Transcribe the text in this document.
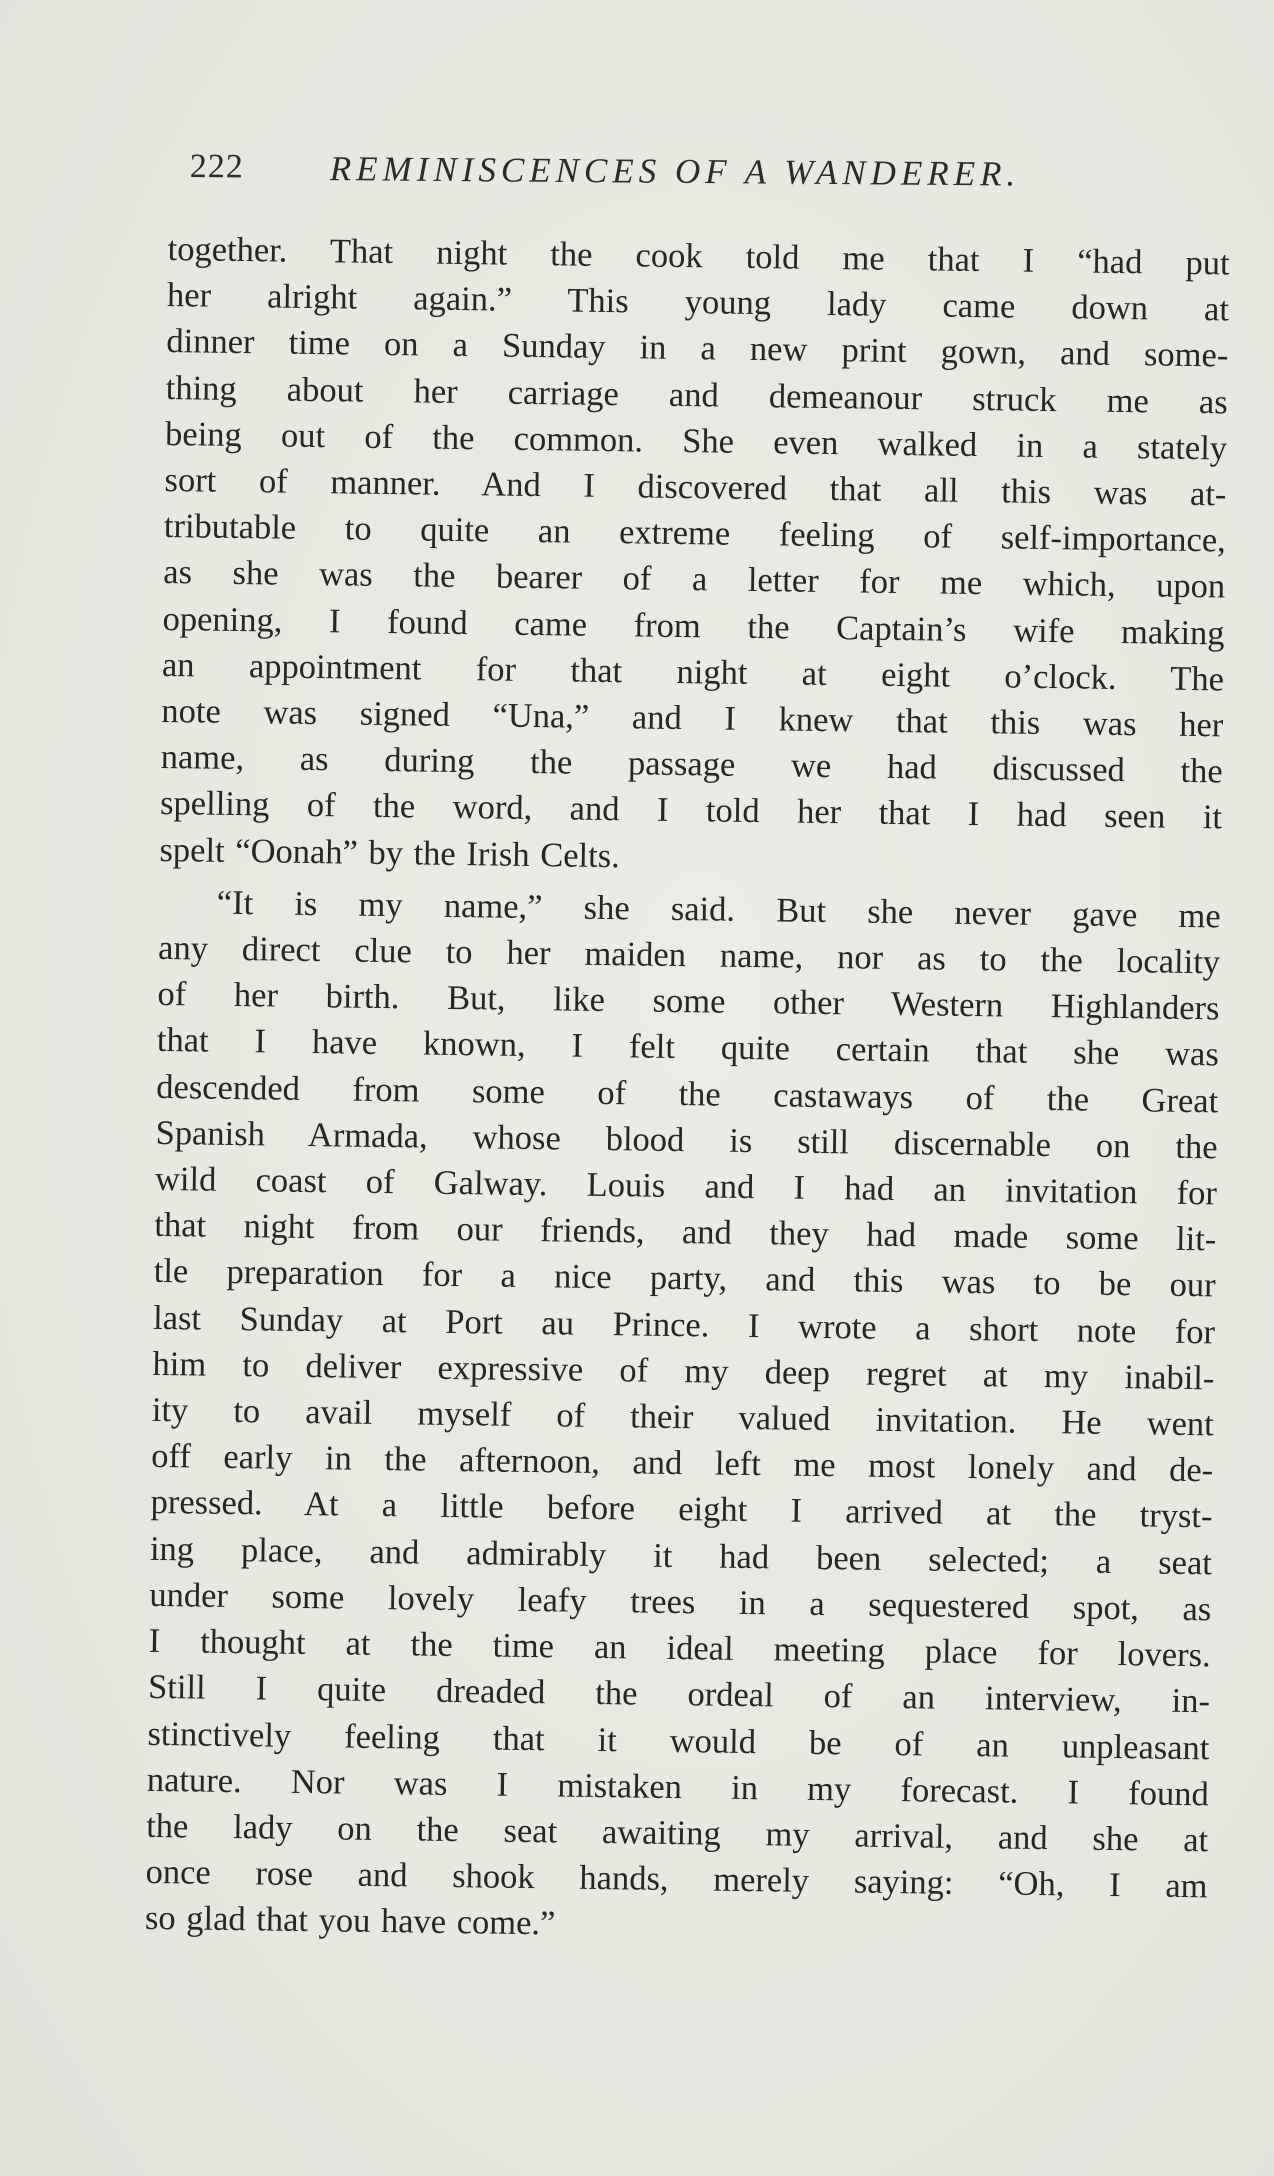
222 REMINISCENCES OF A WANDERER.

together. That night the cook told me that I “had put
her alright again.” This young lady came down at
dinner time on a Sunday in a new print gown, and some-
thing about her carriage and demeanour struck me as
being out of the common. She even walked in a stately
sort of manner. And I discovered that all this was at-
tributable to quite an extreme feeling of self-importance,
as she was the bearer of a letter for me which, upon
opening, I found came from the Captain’s wife making
an appointment for that night at eight o’clock. The
note was signed “Una,” and I knew that this was her
name, as during the passage we had discussed the
spelling of the word, and I told her that I had seen it
spelt “Oonah” by the Irish Celts.

“It is my name,” she said. But she never gave me
any direct clue to her maiden name, nor as to the locality
of her birth. But, like some other Western Highlanders
that I have known, I felt quite certain that she was
descended from some of the castaways of the Great
Spanish Armada, whose blood is still discernable on the
wild coast of Galway. Louis and I had an invitation for
that night from our friends, and they had made some lit-
tle preparation for a nice party, and this was to be our
last Sunday at Port au Prince. I wrote a short note for
him to deliver expressive of my deep regret at my inabil-
ity to avail myself of their valued invitation. He went
off early in the afternoon, and left me most lonely and de-
pressed. At a little before eight I arrived at the tryst-
ing place, and admirably it had been selected; a seat
under some lovely leafy trees in a sequestered spot, as
I thought at the time an ideal meeting place for lovers.
Still I quite dreaded the ordeal of an interview, in-
stinctively feeling that it would be of an unpleasant
nature. Nor was I mistaken in my forecast. I found
the lady on the seat awaiting my arrival, and she at
once rose and shook hands, merely saying: “Oh, I am
so glad that you have come.”
